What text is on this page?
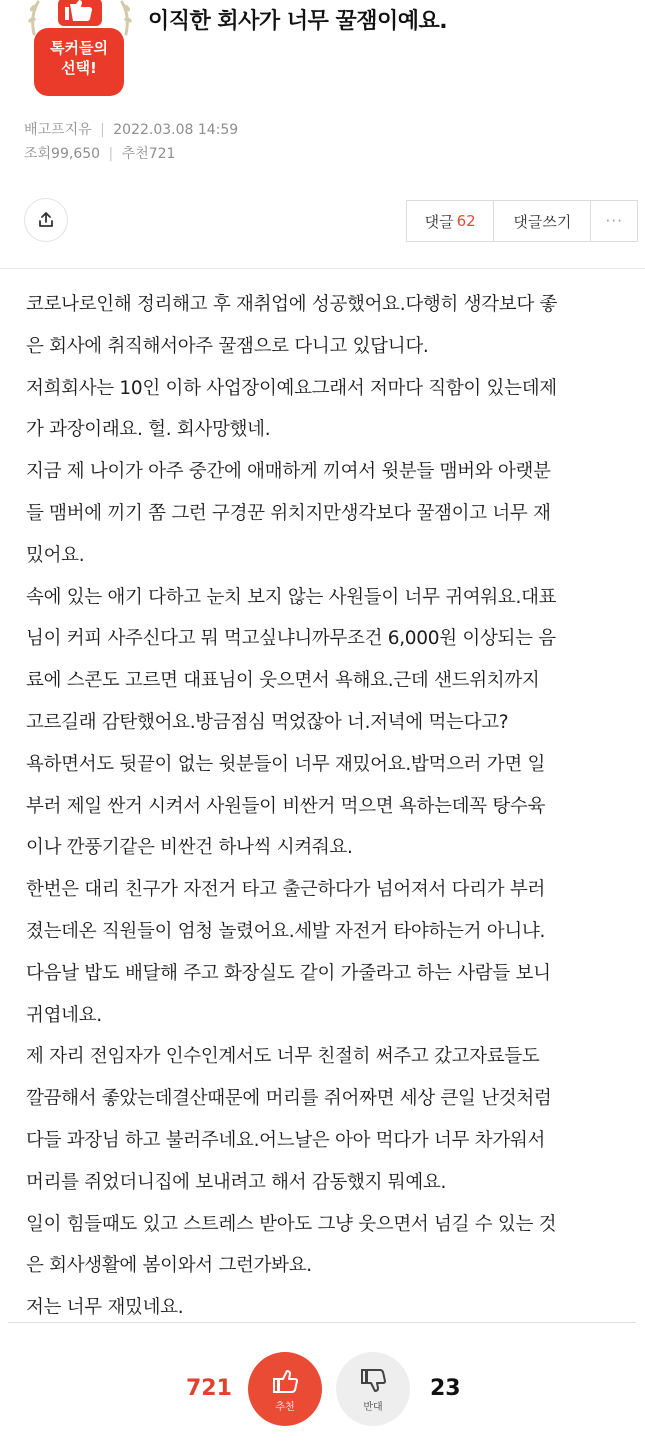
톡커들의
선택!
이직한 회사가 너무 꿀잼이예요.
배고프지유 | 2022.03.08 14:59
조회99,650 | 추천721
댓글 62	댓글쓰기	···
코로나로인해 정리해고 후 재취업에 성공했어요.다행히 생각보다 좋
은 회사에 취직해서아주 꿀잼으로 다니고 있답니다.
저희회사는 10인 이하 사업장이예요그래서 저마다 직함이 있는데제
가 과장이래요. 헐. 회사망했네.
지금 제 나이가 아주 중간에 애매하게 끼여서 윗분들 맴버와 아랫분
들 맴버에 끼기 쫌 그런 구경꾼 위치지만생각보다 꿀잼이고 너무 재
밌어요.
속에 있는 애기 다하고 눈치 보지 않는 사원들이 너무 귀여워요.대표
님이 커피 사주신다고 뭐 먹고싶냐니까무조건 6,000원 이상되는 음
료에 스콘도 고르면 대표님이 웃으면서 욕해요.근데 샌드위치까지
고르길래 감탄했어요.방금점심 먹었잖아 너.저녁에 먹는다고?
욕하면서도 뒷끝이 없는 윗분들이 너무 재밌어요.밥먹으러 가면 일
부러 제일 싼거 시켜서 사원들이 비싼거 먹으면 욕하는데꼭 탕수육
이나 깐풍기같은 비싼건 하나씩 시켜줘요.
한번은 대리 친구가 자전거 타고 출근하다가 넘어져서 다리가 부러
졌는데온 직원들이 엄청 놀렸어요.세발 자전거 타야하는거 아니냐.
다음날 밥도 배달해 주고 화장실도 같이 가줄라고 하는 사람들 보니
귀엽네요.
제 자리 전임자가 인수인계서도 너무 친절히 써주고 갔고자료들도
깔끔해서 좋았는데결산때문에 머리를 쥐어짜면 세상 큰일 난것처럼
다들 과장님 하고 불러주네요.어느날은 아아 먹다가 너무 차가워서
머리를 쥐었더니집에 보내려고 해서 감동했지 뭐예요.
일이 힘들때도 있고 스트레스 받아도 그냥 웃으면서 넘길 수 있는 것
은 회사생활에 봄이와서 그런가봐요.
저는 너무 재밌네요.
721
추천	반대
23
